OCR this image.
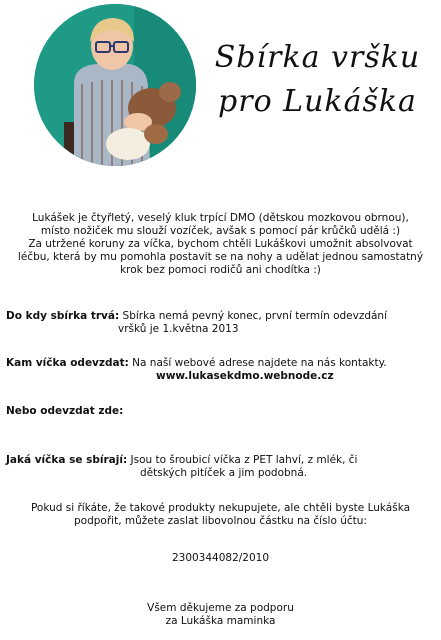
Sbírka vršku
pro Lukáška
Lukášek je čtyřletý, veselý kluk trpící DMO (dětskou mozkovou obrnou),
místo nožiček mu slouží vozíček, avšak s pomocí pár krůčků udělá :)
Za utržené koruny za víčka, bychom chtěli Lukáškovi umožnit absolvovat
léčbu, která by mu pomohla postavit se na nohy a udělat jednou samostatný
krok bez pomoci rodičů ani chodítka :)
Do kdy sbírka trvá: Sbírka nemá pevný konec, první termín odevzdání
vršků je 1.května 2013
Kam víčka odevzdat: Na naší webové adrese najdete na nás kontakty.
www.lukasekdmo.webnode.cz
Nebo odevzdat zde:
Jaká víčka se sbírají: Jsou to šroubicí víčka z PET lahví, z mlék, či
dětských pitíček a jim podobná.
Pokud si říkáte, že takové produkty nekupujete, ale chtěli byste Lukáška
podpořit, můžete zaslat libovolnou částku na číslo účtu:
2300344082/2010
Všem děkujeme za podporu
za Lukáška maminka
